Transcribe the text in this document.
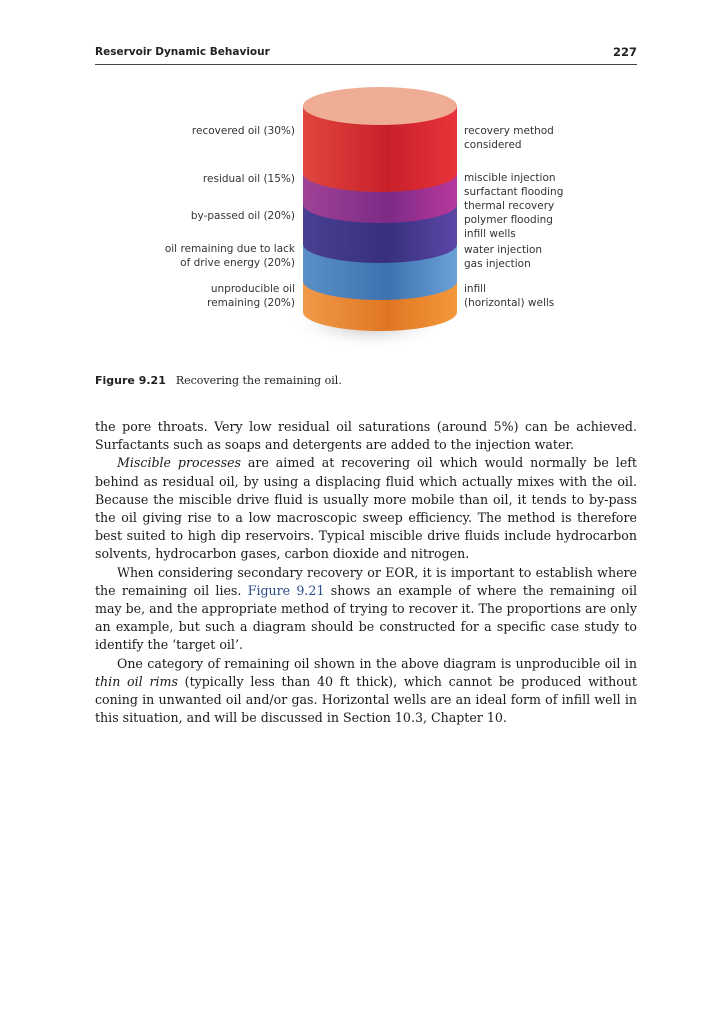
Reservoir Dynamic Behaviour	227
recovered oil (30%)
residual oil (15%)
by-passed oil (20%)
oil remaining due to lack
of drive energy (20%)
unproducible oil
remaining (20%)
recovery method
considered
miscible injection
surfactant flooding
thermal recovery
polymer flooding
infill wells
water injection
gas injection
infill
(horizontal) wells
Figure 9.21 Recovering the remaining oil.

the pore throats. Very low residual oil saturations (around 5%) can be achieved. Surfactants such as soaps and detergents are added to the injection water.

Miscible processes are aimed at recovering oil which would normally be left behind as residual oil, by using a displacing fluid which actually mixes with the oil. Because the miscible drive fluid is usually more mobile than oil, it tends to by-pass the oil giving rise to a low macroscopic sweep efficiency. The method is therefore best suited to high dip reservoirs. Typical miscible drive fluids include hydrocarbon solvents, hydrocarbon gases, carbon dioxide and nitrogen.

When considering secondary recovery or EOR, it is important to establish where the remaining oil lies. Figure 9.21 shows an example of where the remaining oil may be, and the appropriate method of trying to recover it. The proportions are only an example, but such a diagram should be constructed for a specific case study to identify the ‘target oil’.

One category of remaining oil shown in the above diagram is unproducible oil in thin oil rims (typically less than 40 ft thick), which cannot be produced without coning in unwanted oil and/or gas. Horizontal wells are an ideal form of infill well in this situation, and will be discussed in Section 10.3, Chapter 10.
